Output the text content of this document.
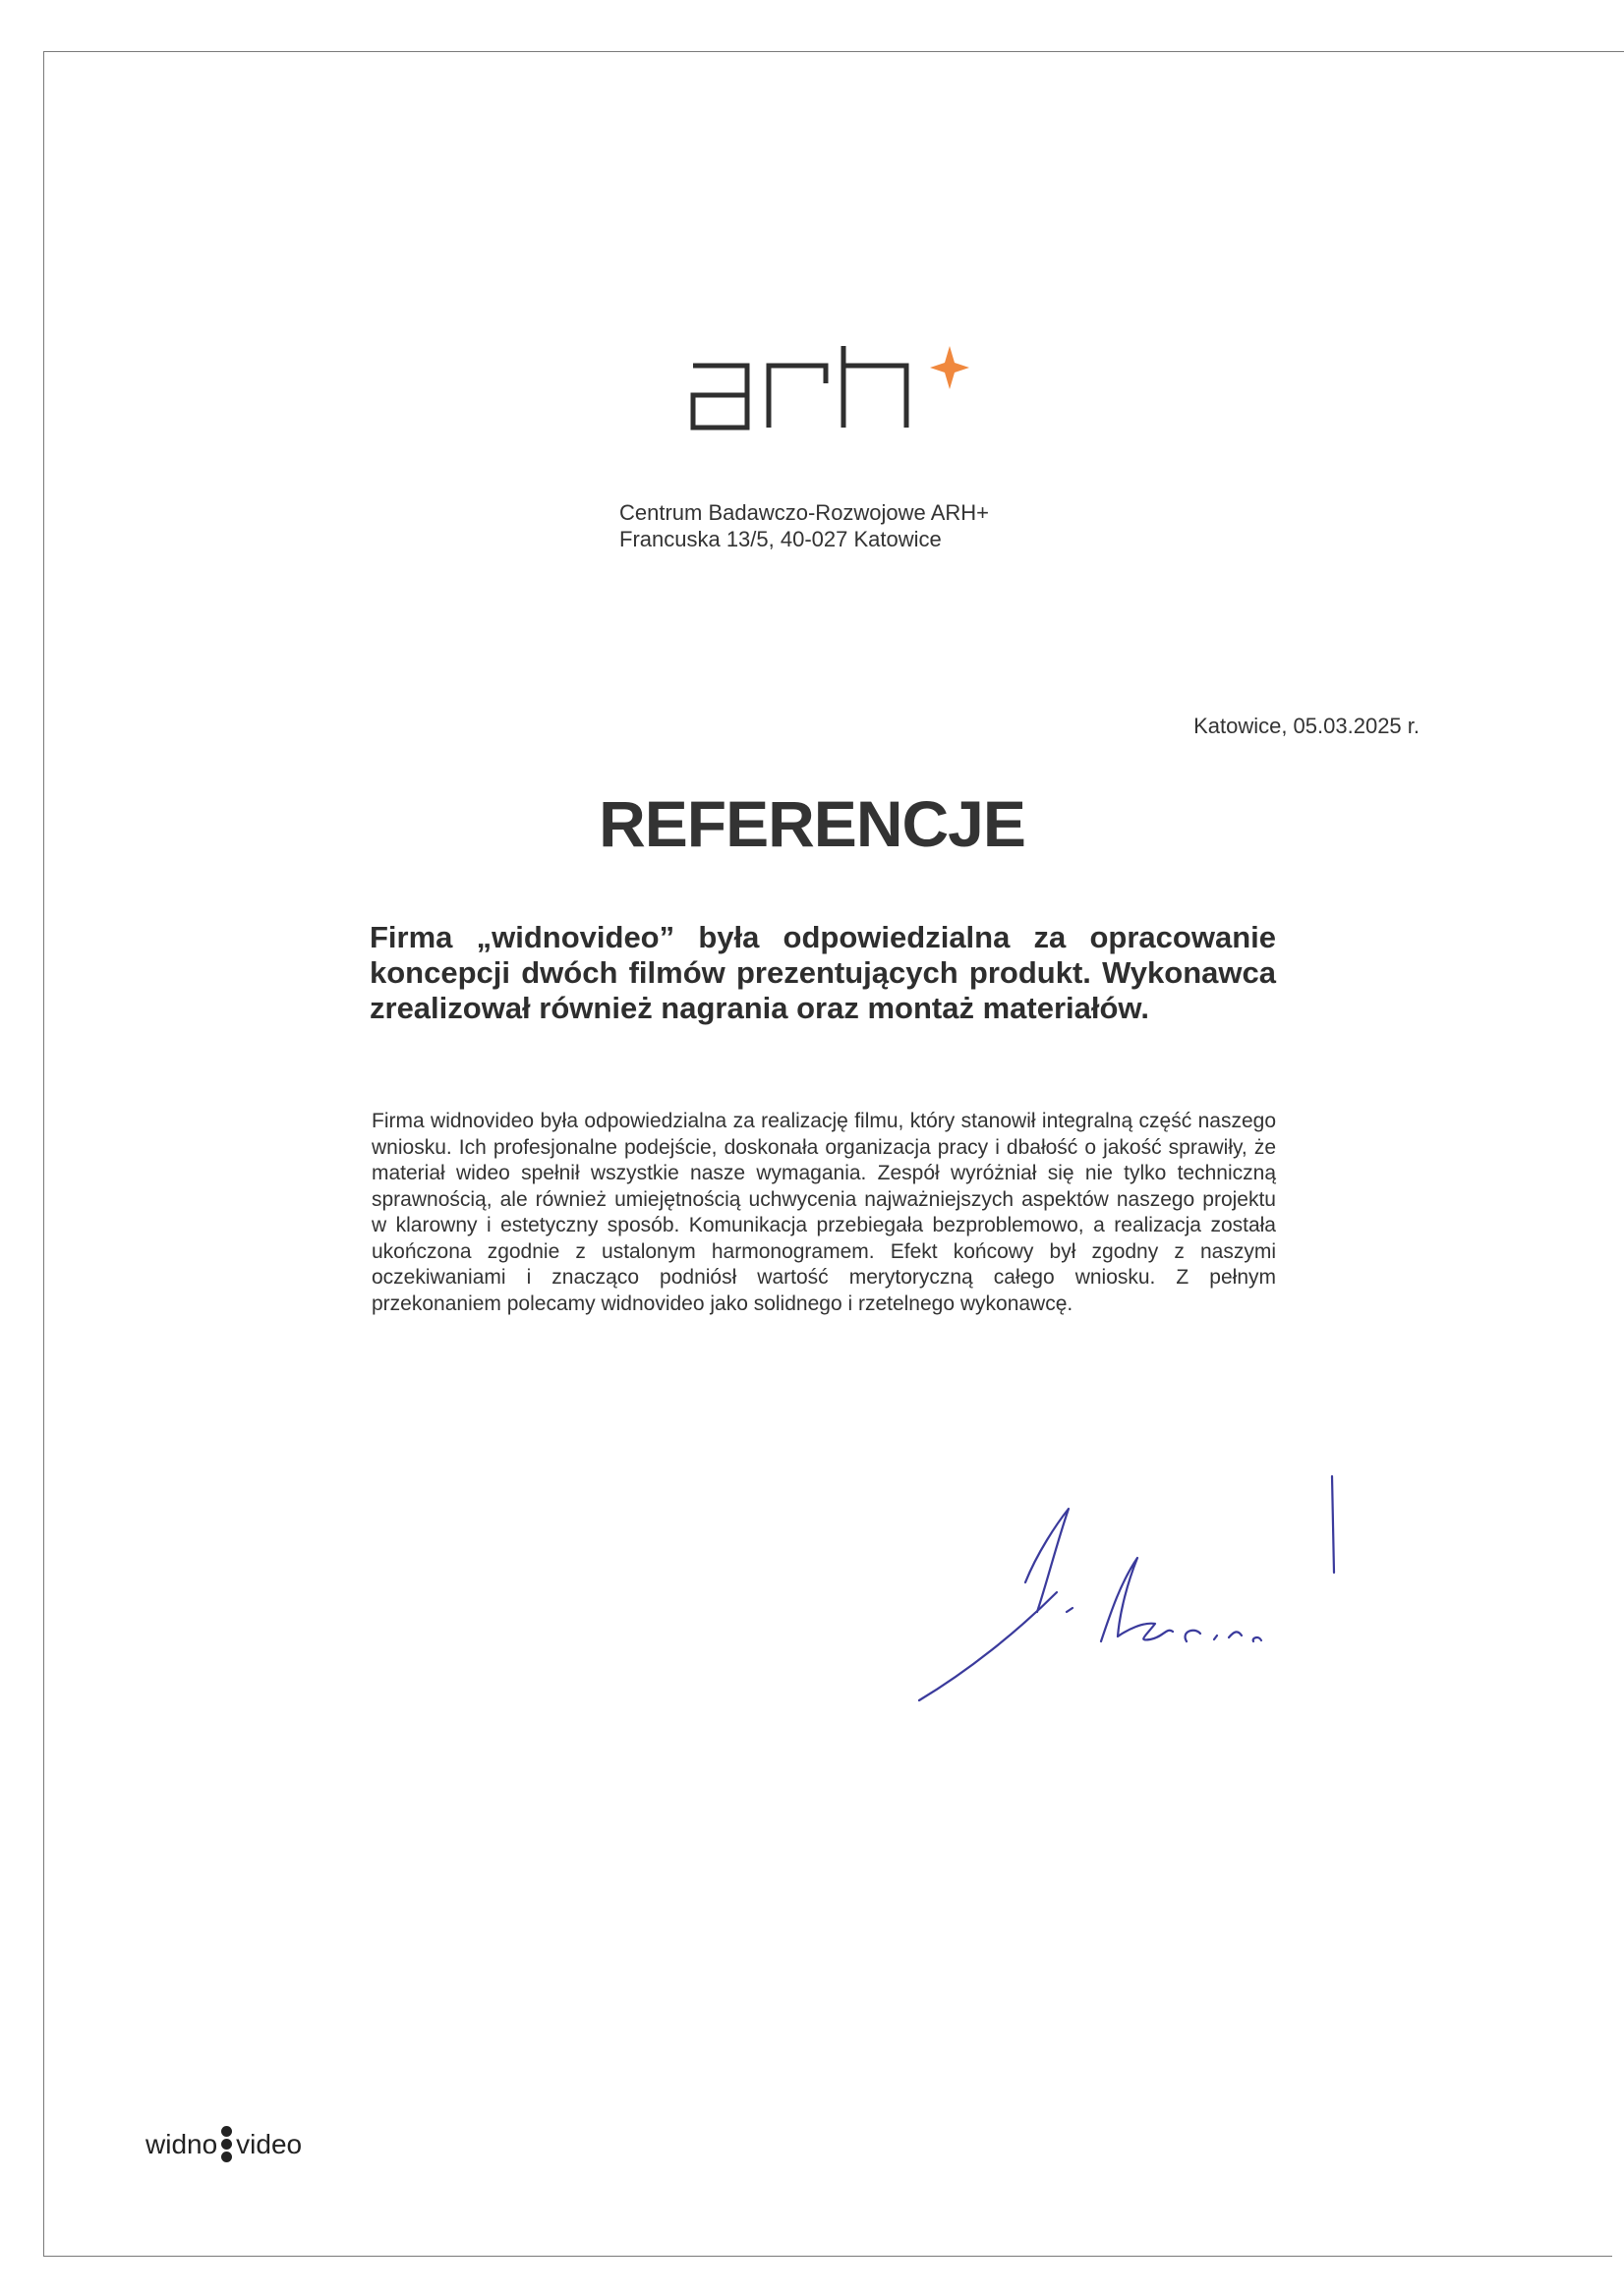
Centrum Badawczo-Rozwojowe ARH+
Francuska 13/5, 40-027 Katowice
Katowice, 05.03.2025 r.
REFERENCJE
Firma „widnovideo” była odpowiedzialna za opracowanie koncepcji dwóch filmów prezentujących produkt. Wykonawca zrealizował również nagrania oraz montaż materiałów.
Firma widnovideo była odpowiedzialna za realizację filmu, który stanowił integralną część naszego wniosku. Ich profesjonalne podejście, doskonała organizacja pracy i dbałość o jakość sprawiły, że materiał wideo spełnił wszystkie nasze wymagania. Zespół wyróżniał się nie tylko techniczną sprawnością, ale również umiejętnością uchwycenia najważniejszych aspektów naszego projektu w klarowny i estetyczny sposób. Komunikacja przebiegała bezproblemowo, a realizacja została ukończona zgodnie z ustalonym harmonogramem. Efekt końcowy był zgodny z naszymi oczekiwaniami i znacząco podniósł wartość merytoryczną całego wniosku. Z pełnym przekonaniem polecamy widnovideo jako solidnego i rzetelnego wykonawcę.
widno video
